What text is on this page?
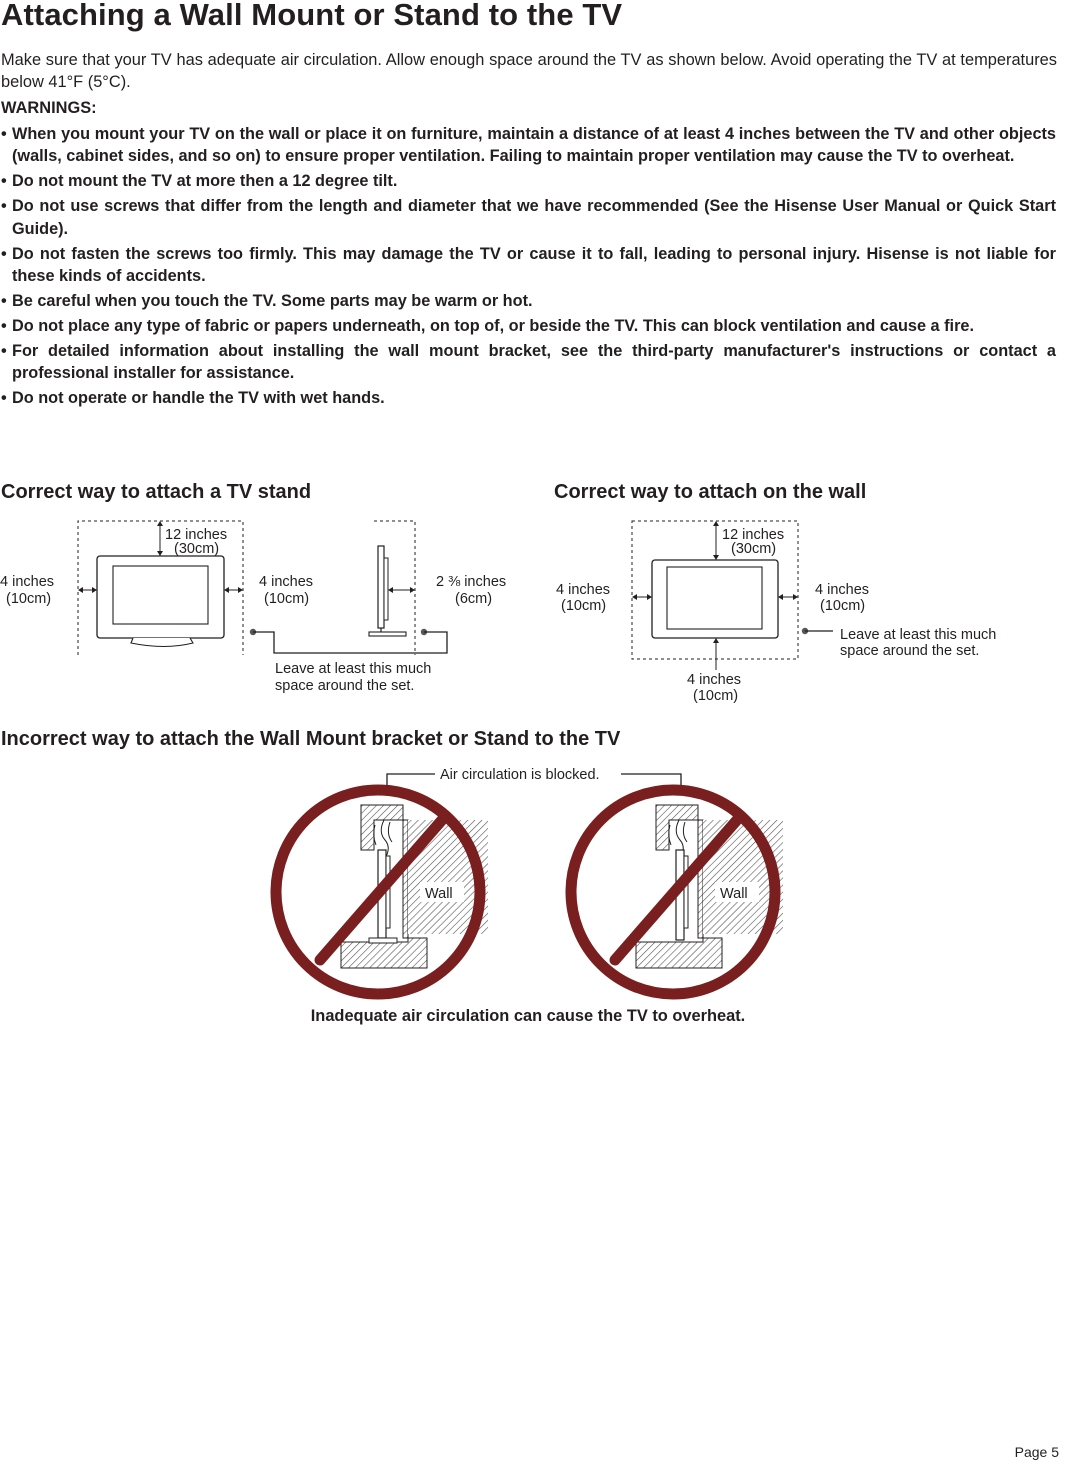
Attaching a Wall Mount or Stand to the TV

Make sure that your TV has adequate air circulation. Allow enough space around the TV as shown below. Avoid operating the TV at temperatures below 41°F (5°C).

WARNINGS:

• When you mount your TV on the wall or place it on furniture, maintain a distance of at least 4 inches between the TV and other objects (walls, cabinet sides, and so on) to ensure proper ventilation. Failing to maintain proper ventilation may cause the TV to overheat.
• Do not mount the TV at more then a 12 degree tilt.
• Do not use screws that differ from the length and diameter that we have recommended (See the Hisense User Manual or Quick Start Guide).
• Do not fasten the screws too firmly. This may damage the TV or cause it to fall, leading to personal injury. Hisense is not liable for these kinds of accidents.
• Be careful when you touch the TV. Some parts may be warm or hot.
• Do not place any type of fabric or papers underneath, on top of, or beside the TV. This can block ventilation and cause a fire.
• For detailed information about installing the wall mount bracket, see the third-party manufacturer's instructions or contact a professional installer for assistance.
• Do not operate or handle the TV with wet hands.
Correct way to attach a TV stand
12 inches
(30cm)
4 inches
(10cm)
4 inches
(10cm)
2 ⅜ inches
(6cm)
Leave at least this much
space around the set.
Correct way to attach on the wall
12 inches
(30cm)
4 inches
(10cm)
4 inches
(10cm)
4 inches
(10cm)
Leave at least this much
space around the set.
Incorrect way to attach the Wall Mount bracket or Stand to the TV
Air circulation is blocked.
Wall	Wall

Inadequate air circulation can cause the TV to overheat.

Page 5
